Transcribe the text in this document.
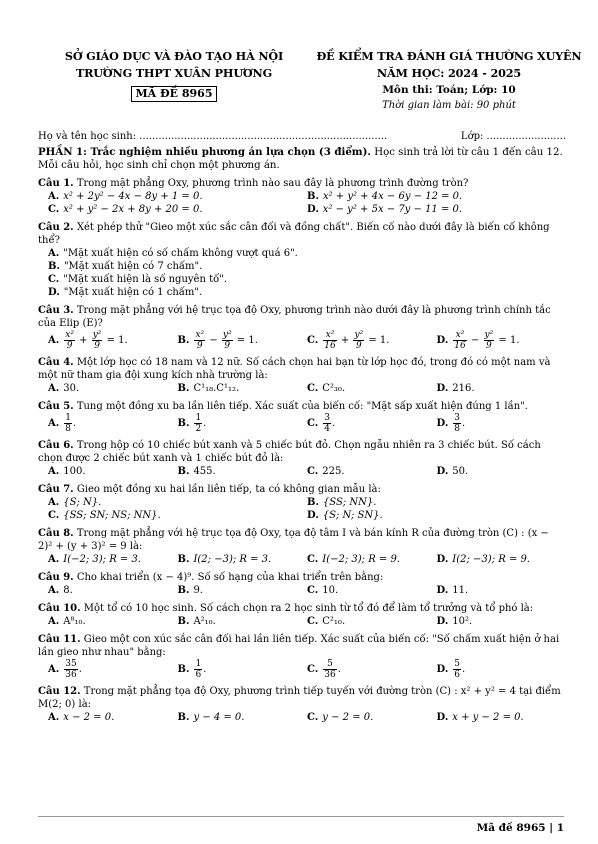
SỞ GIÁO DỤC VÀ ĐÀO TẠO HÀ NỘI
TRƯỜNG THPT XUÂN PHƯƠNG
MÃ ĐỀ 8965
ĐỀ KIỂM TRA ĐÁNH GIÁ THƯỜNG XUYÊN
NĂM HỌC: 2024 - 2025
Môn thi: Toán; Lớp: 10
Thời gian làm bài: 90 phút
Họ và tên học sinh: ..............................................................................	Lớp: .........................
PHẦN 1: Trắc nghiệm nhiều phương án lựa chọn (3 điểm). Học sinh trả lời từ câu 1 đến câu 12. Mỗi câu hỏi, học sinh chỉ chọn một phương án.
Câu 1. Trong mặt phẳng Oxy, phương trình nào sau đây là phương trình đường tròn?
A. x² + 2y² − 4x − 8y + 1 = 0.	B. x² + y² + 4x − 6y − 12 = 0.
C. x² + y² − 2x + 8y + 20 = 0.	D. x² − y² + 5x − 7y − 11 = 0.
Câu 2. Xét phép thử "Gieo một xúc sắc cân đối và đồng chất". Biến cố nào dưới đây là biến cố không thể?
A. "Mặt xuất hiện có số chấm không vượt quá 6".
B. "Mặt xuất hiện có 7 chấm".
C. "Mặt xuất hiện là số nguyên tố".
D. "Mặt xuất hiện có 1 chấm".
Câu 3. Trong mặt phẳng với hệ trục tọa độ Oxy, phương trình nào dưới đây là phương trình chính tắc của Elip (E)?
A. $\frac{\text{x²}}{9} + \frac{\text{y²}}{9} = 1$.	B. $\frac{\text{x²}}{9} - \frac{\text{y²}}{9} = 1$.	C. $\frac{\text{x²}}{16} + \frac{\text{y²}}{9} = 1$.	D. $\frac{\text{x²}}{16} - \frac{\text{y²}}{9} = 1$.
Câu 4. Một lớp học có 18 nam và 12 nữ. Số cách chọn hai bạn từ lớp học đó, trong đó có một nam và một nữ tham gia đội xung kích nhà trường là:
A. 30.	B. C¹₁₈.C¹₁₂.	C. C²₃₀.	D. 216.
Câu 5. Tung một đồng xu ba lần liên tiếp. Xác suất của biến cố: "Mặt sấp xuất hiện đúng 1 lần".
A. $\frac{1}{8}$ .	B. $\frac{1}{2}$ .	C. $\frac{3}{4}$ .	D. $\frac{3}{8}$ .
Câu 6. Trong hộp có 10 chiếc bút xanh và 5 chiếc bút đỏ. Chọn ngẫu nhiên ra 3 chiếc bút. Số cách chọn được 2 chiếc bút xanh và 1 chiếc bút đỏ là:
A. 100.	B. 455.	C. 225.	D. 50.
Câu 7. Gieo một đồng xu hai lần liên tiếp, ta có không gian mẫu là:
A. {S; N}.	B. {SS; NN}.
C. {SS; SN; NS; NN}.	D. {S; N; SN}.
Câu 8. Trong mặt phẳng với hệ trục tọa độ Oxy, tọa độ tâm I và bán kính R của đường tròn (C) : (x − 2)² + (y + 3)² = 9 là:
A. I(−2; 3); R = 3.	B. I(2; −3); R = 3.	C. I(−2; 3); R = 9.	D. I(2; −3); R = 9.
Câu 9. Cho khai triển (x − 4)⁹. Số số hạng của khai triển trên bằng:
A. 8.	B. 9.	C. 10.	D. 11.
Câu 10. Một tổ có 10 học sinh. Số cách chọn ra 2 học sinh từ tổ đó để làm tổ trưởng và tổ phó là:
A. A⁸₁₀.	B. A²₁₀.	C. C²₁₀.	D. 10².
Câu 11. Gieo một con xúc sắc cân đối hai lần liên tiếp. Xác suất của biến cố: "Số chấm xuất hiện ở hai lần gieo như nhau" bằng:
A. $\frac{35}{36}$ .	B. $\frac{1}{6}$ .	C. $\frac{5}{36}$ .	D. $\frac{5}{6}$ .
Câu 12. Trong mặt phẳng tọa độ Oxy, phương trình tiếp tuyến với đường tròn (C) : x² + y² = 4 tại điểm M(2; 0) là:
A. x − 2 = 0.	B. y − 4 = 0.	C. y − 2 = 0.	D. x + y − 2 = 0.
Mã đề 8965 | 1
